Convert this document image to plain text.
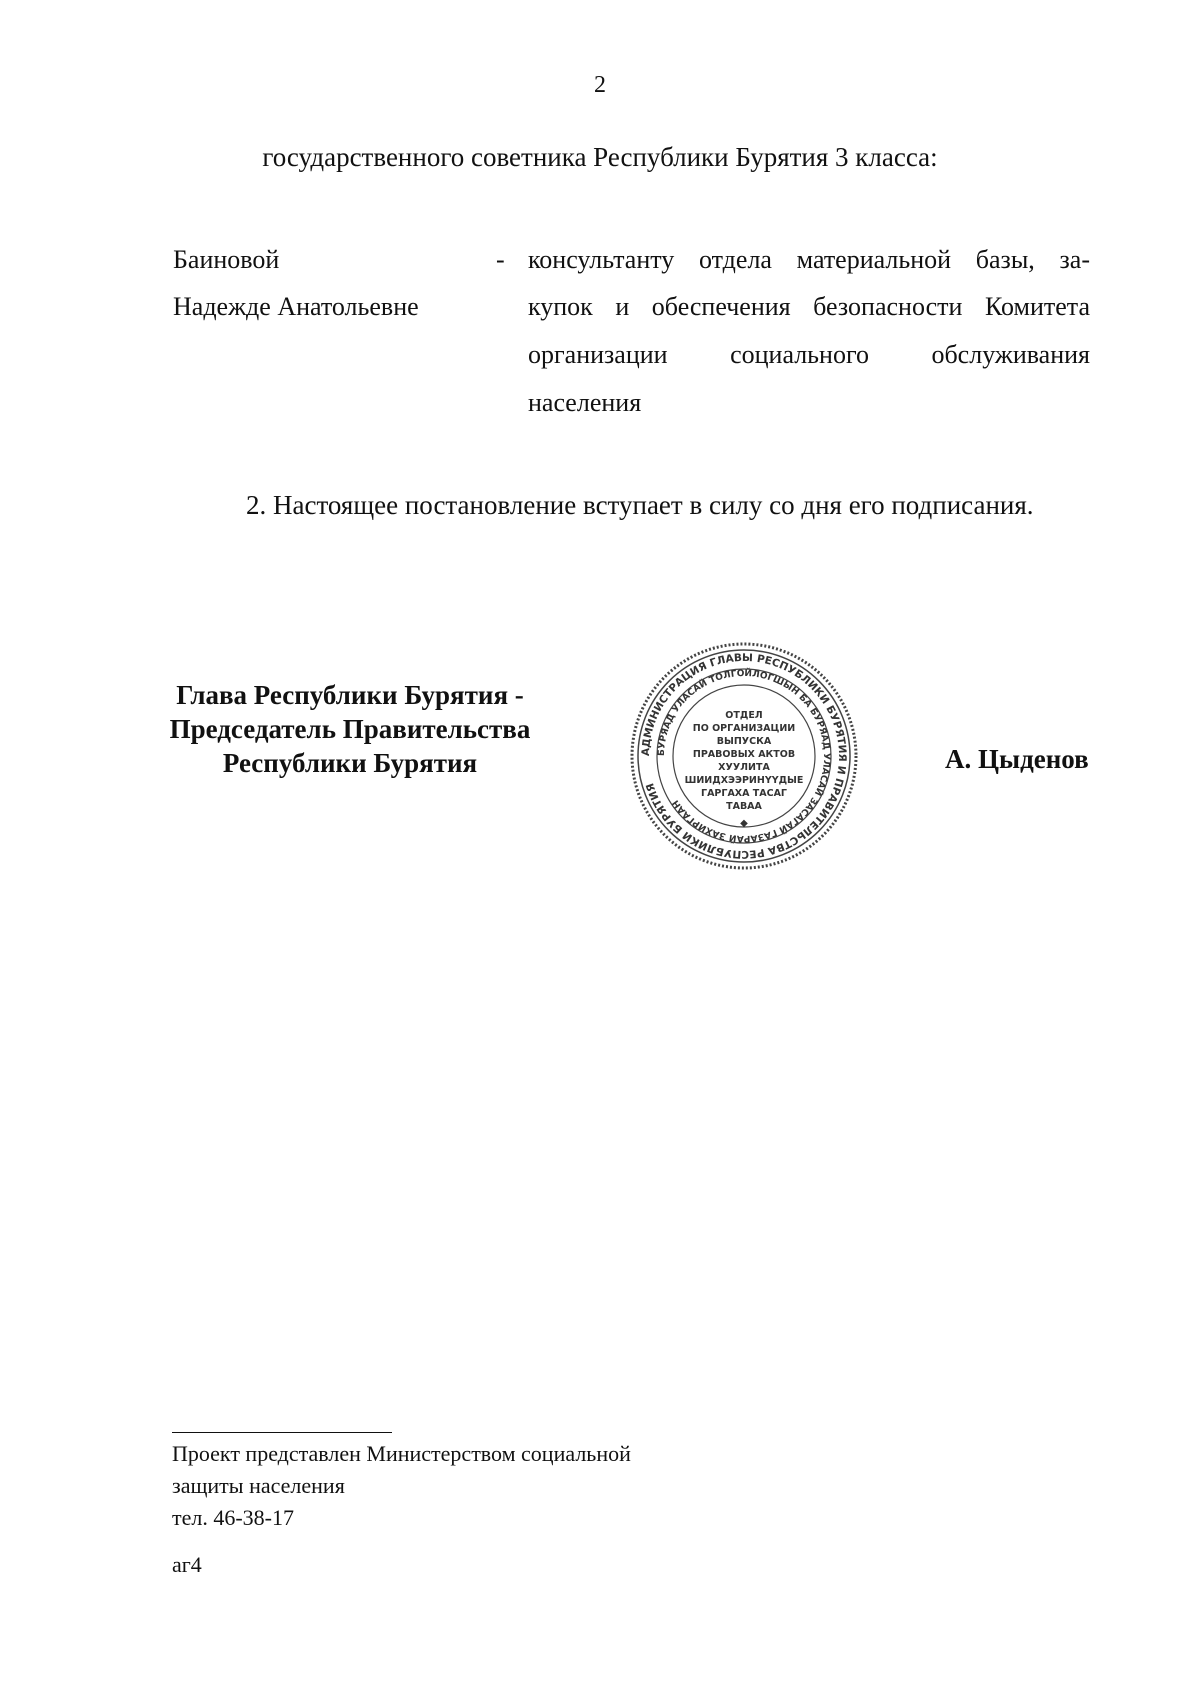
2
государственного советника Республики Бурятия 3 класса:
Баиновой
Надежде Анатольевне
- консультанту отдела материальной базы, за-
купок и обеспечения безопасности Комитета
организации социального обслуживания
населения
2. Настоящее постановление вступает в силу со дня его подписания.
Глава Республики Бурятия -
Председатель Правительства
Республики Бурятия	АДМИНИСТРАЦИЯ ГЛАВЫ РЕСПУБЛИКИ БУРЯТИЯ И ПРАВИТЕЛЬСТВА РЕСПУБЛИКИ БУРЯТИЯ
БУРЯАД УЛАСАЙ ТОЛГОЙЛОГШЫН БА БУРЯАД УЛАСАЙ ЗАСАГАЙ ГАЗАРАЙ ЗАХИРГААН
ОТДЕЛ
ПО ОРГАНИЗАЦИИ
ВЫПУСКА
ПРАВОВЫХ АКТОВ
ХУУЛИТА
ШИИДХЭЭРИНҮҮДЫЕ
ГАРГАХА ТАСАГ
ТАВАА
◆
А. Цыденов
Проект представлен Министерством социальной
защиты населения
тел. 46-38-17
аг4
